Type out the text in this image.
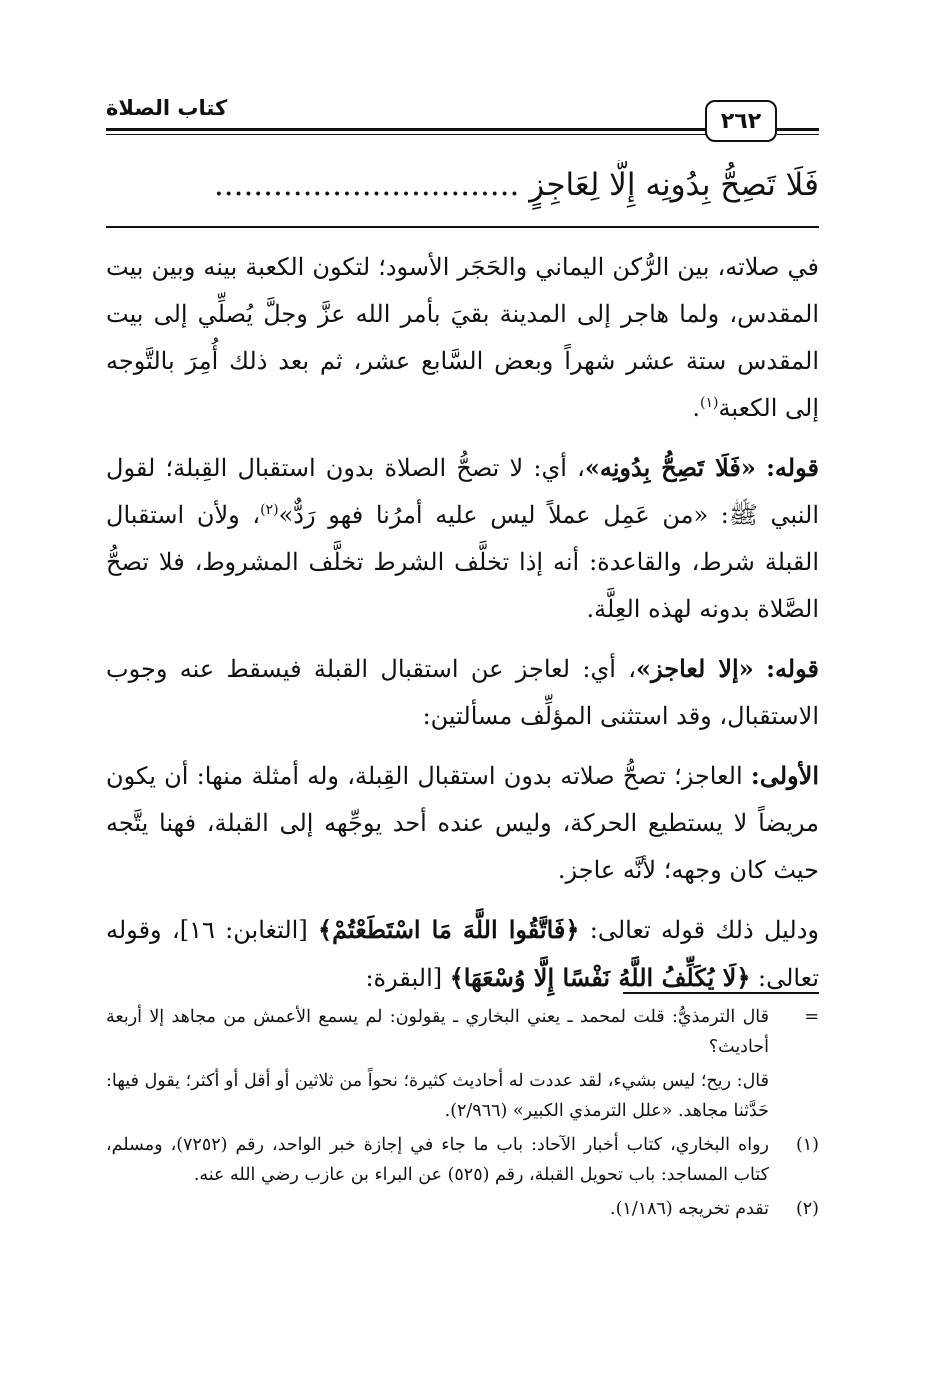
كتاب الصلاة
٢٦٢
فَلَا تَصِحُّ بِدُونِه إِلَّا لِعَاجِزٍ ...............................

في صلاته، بين الرُّكن اليماني والحَجَر الأسود؛ لتكون الكعبة بينه وبين بيت المقدس، ولما هاجر إلى المدينة بقيَ بأمر الله عزَّ وجلَّ يُصلِّي إلى بيت المقدس ستة عشر شهراً وبعض السَّابع عشر، ثم بعد ذلك أُمِرَ بالتَّوجه إلى الكعبة$^{(١)}$.

قوله: «فَلَا تَصِحُّ بِدُونِه»، أي: لا تصحُّ الصلاة بدون استقبال القِبلة؛ لقول النبي ﷺ: «من عَمِل عملاً ليس عليه أمرُنا فهو رَدٌّ»$^{(٢)}$، ولأن استقبال القبلة شرط، والقاعدة: أنه إذا تخلَّف الشرط تخلَّف المشروط، فلا تصحُّ الصَّلاة بدونه لهذه العِلَّة.

قوله: «إلا لعاجز»، أي: لعاجز عن استقبال القبلة فيسقط عنه وجوب الاستقبال، وقد استثنى المؤلِّف مسألتين:

الأولى: العاجز؛ تصحُّ صلاته بدون استقبال القِبلة، وله أمثلة منها: أن يكون مريضاً لا يستطيع الحركة، وليس عنده أحد يوجِّهه إلى القبلة، فهنا يتَّجه حيث كان وجهه؛ لأنَّه عاجز.

ودليل ذلك قوله تعالى: ﴿فَاتَّقُوا اللَّهَ مَا اسْتَطَعْتُمْ﴾ [التغابن: ١٦]، وقوله تعالى: ﴿لَا يُكَلِّفُ اللَّهُ نَفْسًا إِلَّا وُسْعَهَا﴾ [البقرة:

=
قال الترمذيُّ: قلت لمحمد ـ يعني البخاري ـ يقولون: لم يسمع الأعمش من مجاهد إلا أربعة أحاديث؟
قال: ريح؛ ليس بشيء، لقد عددت له أحاديث كثيرة؛ نحواً من ثلاثين أو أقل أو أكثر؛ يقول فيها: حَدَّثنا مجاهد. «علل الترمذي الكبير» (٢/٩٦٦).
(١)
رواه البخاري، كتاب أخبار الآحاد: باب ما جاء في إجازة خبر الواحد، رقم (٧٢٥٢)، ومسلم، كتاب المساجد: باب تحويل القبلة، رقم (٥٢٥) عن البراء بن عازب رضي الله عنه.
(٢)
تقدم تخريجه (١/١٨٦).
